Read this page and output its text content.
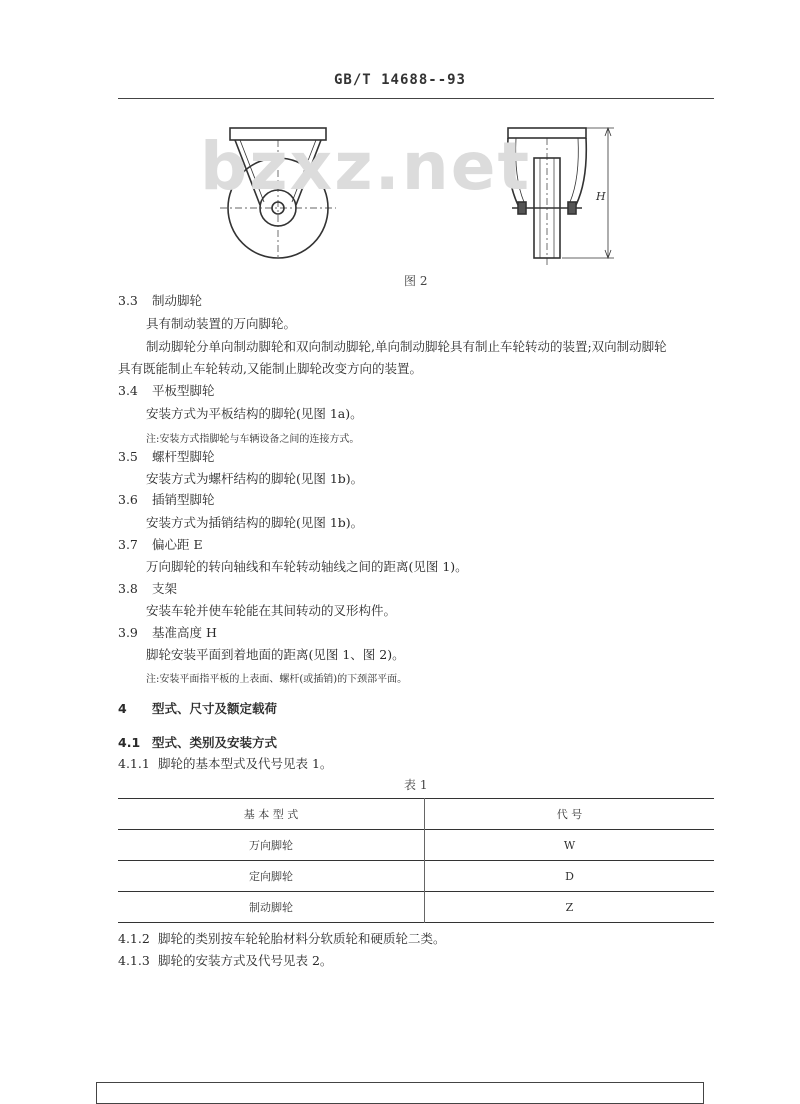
GB/T 14688--93
H
bzxz.net
图 2
3.3 制动脚轮
具有制动装置的万向脚轮。
制动脚轮分单向制动脚轮和双向制动脚轮,单向制动脚轮具有制止车轮转动的装置;双向制动脚轮
具有既能制止车轮转动,又能制止脚轮改变方向的装置。
3.4 平板型脚轮
安装方式为平板结构的脚轮(见图 1a)。
注:安装方式指脚轮与车辆设备之间的连接方式。
3.5 螺杆型脚轮
安装方式为螺杆结构的脚轮(见图 1b)。
3.6 插销型脚轮
安装方式为插销结构的脚轮(见图 1b)。
3.7 偏心距 E
万向脚轮的转向轴线和车轮转动轴线之间的距离(见图 1)。
3.8 支架
安装车轮并使车轮能在其间转动的叉形构件。
3.9 基准高度 H
脚轮安装平面到着地面的距离(见图 1、图 2)。
注:安装平面指平板的上表面、螺杆(或插销)的下颈部平面。
4 型式、尺寸及额定载荷
4.1 型式、类别及安装方式
4.1.1 脚轮的基本型式及代号见表 1。
表 1
基 本 型 式	代 号
万向脚轮	W
定向脚轮	D
制动脚轮	Z
4.1.2 脚轮的类别按车轮轮胎材料分软质轮和硬质轮二类。
4.1.3 脚轮的安装方式及代号见表 2。
